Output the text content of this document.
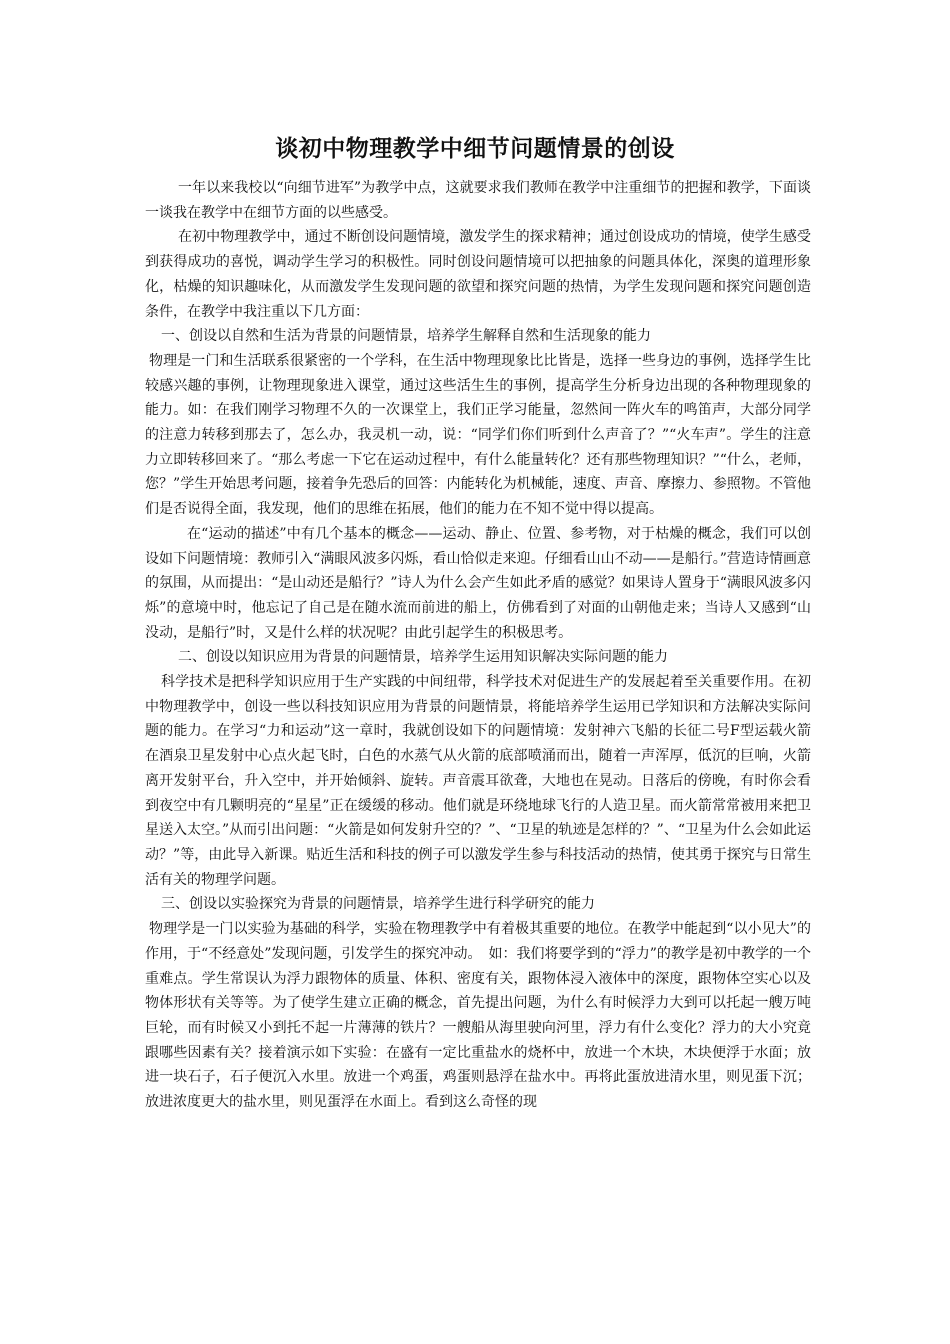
谈初中物理教学中细节问题情景的创设

一年以来我校以“向细节进军”为教学中点，这就要求我们教师在教学中注重细节的把握和教学，下面谈一谈我在教学中在细节方面的以些感受。

在初中物理教学中，通过不断创设问题情境，激发学生的探求精神；通过创设成功的情境，使学生感受到获得成功的喜悦，调动学生学习的积极性。同时创设问题情境可以把抽象的问题具体化，深奥的道理形象化，枯燥的知识趣味化，从而激发学生发现问题的欲望和探究问题的热情，为学生发现问题和探究问题创造条件，在教学中我注重以下几方面：

一、创设以自然和生活为背景的问题情景，培养学生解释自然和生活现象的能力

物理是一门和生活联系很紧密的一个学科，在生活中物理现象比比皆是，选择一些身边的事例，选择学生比较感兴趣的事例，让物理现象进入课堂，通过这些活生生的事例，提高学生分析身边出现的各种物理现象的能力。如：在我们刚学习物理不久的一次课堂上，我们正学习能量，忽然间一阵火车的鸣笛声，大部分同学的注意力转移到那去了，怎么办，我灵机一动，说：“同学们你们听到什么声音了？”“火车声”。学生的注意力立即转移回来了。“那么考虑一下它在运动过程中，有什么能量转化？还有那些物理知识？”“什么，老师，您？”学生开始思考问题，接着争先恐后的回答：内能转化为机械能，速度、声音、摩擦力、参照物。不管他们是否说得全面，我发现，他们的思维在拓展，他们的能力在不知不觉中得以提高。

在“运动的描述”中有几个基本的概念——运动、静止、位置、参考物，对于枯燥的概念，我们可以创设如下问题情境：教师引入“满眼风波多闪烁，看山恰似走来迎。仔细看山山不动——是船行。”营造诗情画意的氛围，从而提出：“是山动还是船行？”诗人为什么会产生如此矛盾的感觉？如果诗人置身于“满眼风波多闪烁”的意境中时，他忘记了自己是在随水流而前进的船上，仿佛看到了对面的山朝他走来；当诗人又感到“山没动，是船行”时，又是什么样的状况呢？由此引起学生的积极思考。

二、创设以知识应用为背景的问题情景，培养学生运用知识解决实际问题的能力

科学技术是把科学知识应用于生产实践的中间纽带，科学技术对促进生产的发展起着至关重要作用。在初中物理教学中，创设一些以科技知识应用为背景的问题情景，将能培养学生运用已学知识和方法解决实际问题的能力。在学习“力和运动”这一章时，我就创设如下的问题情境：发射神六飞船的长征二号F型运载火箭在酒泉卫星发射中心点火起飞时，白色的水蒸气从火箭的底部喷涌而出，随着一声浑厚，低沉的巨响，火箭离开发射平台，升入空中，并开始倾斜、旋转。声音震耳欲聋，大地也在晃动。日落后的傍晚，有时你会看到夜空中有几颗明亮的“星星”正在缓缓的移动。他们就是环绕地球飞行的人造卫星。而火箭常常被用来把卫星送入太空。”从而引出问题：“火箭是如何发射升空的？”、“卫星的轨迹是怎样的？”、“卫星为什么会如此运动？”等，由此导入新课。贴近生活和科技的例子可以激发学生参与科技活动的热情，使其勇于探究与日常生活有关的物理学问题。

三、创设以实验探究为背景的问题情景，培养学生进行科学研究的能力

物理学是一门以实验为基础的科学，实验在物理教学中有着极其重要的地位。在教学中能起到“以小见大”的作用，于“不经意处”发现问题，引发学生的探究冲动。　如：我们将要学到的“浮力”的教学是初中教学的一个重难点。学生常误认为浮力跟物体的质量、体积、密度有关，跟物体浸入液体中的深度，跟物体空实心以及物体形状有关等等。为了使学生建立正确的概念，首先提出问题，为什么有时候浮力大到可以托起一艘万吨巨轮，而有时候又小到托不起一片薄薄的铁片？一艘船从海里驶向河里，浮力有什么变化？浮力的大小究竟跟哪些因素有关？接着演示如下实验：在盛有一定比重盐水的烧杯中，放进一个木块，木块便浮于水面；放进一块石子，石子便沉入水里。放进一个鸡蛋，鸡蛋则悬浮在盐水中。再将此蛋放进清水里，则见蛋下沉；放进浓度更大的盐水里，则见蛋浮在水面上。看到这么奇怪的现
